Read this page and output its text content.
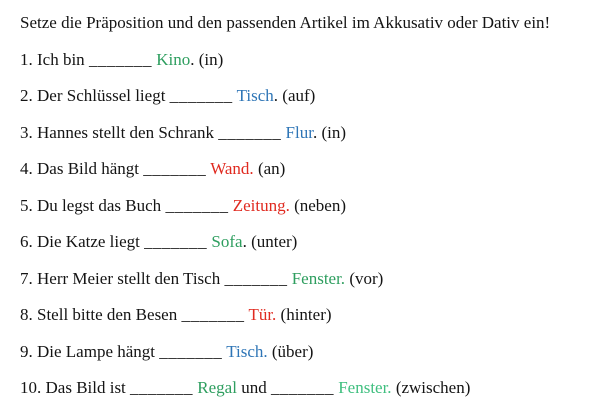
Setze die Präposition und den passenden Artikel im Akkusativ oder Dativ ein!

1. Ich bin _______ Kino. (in)

2. Der Schlüssel liegt _______ Tisch. (auf)

3. Hannes stellt den Schrank _______ Flur. (in)

4. Das Bild hängt _______ Wand. (an)

5. Du legst das Buch _______ Zeitung. (neben)

6. Die Katze liegt _______ Sofa. (unter)

7. Herr Meier stellt den Tisch _______ Fenster. (vor)

8. Stell bitte den Besen _______ Tür. (hinter)

9. Die Lampe hängt _______ Tisch. (über)

10. Das Bild ist _______ Regal und _______ Fenster. (zwischen)
